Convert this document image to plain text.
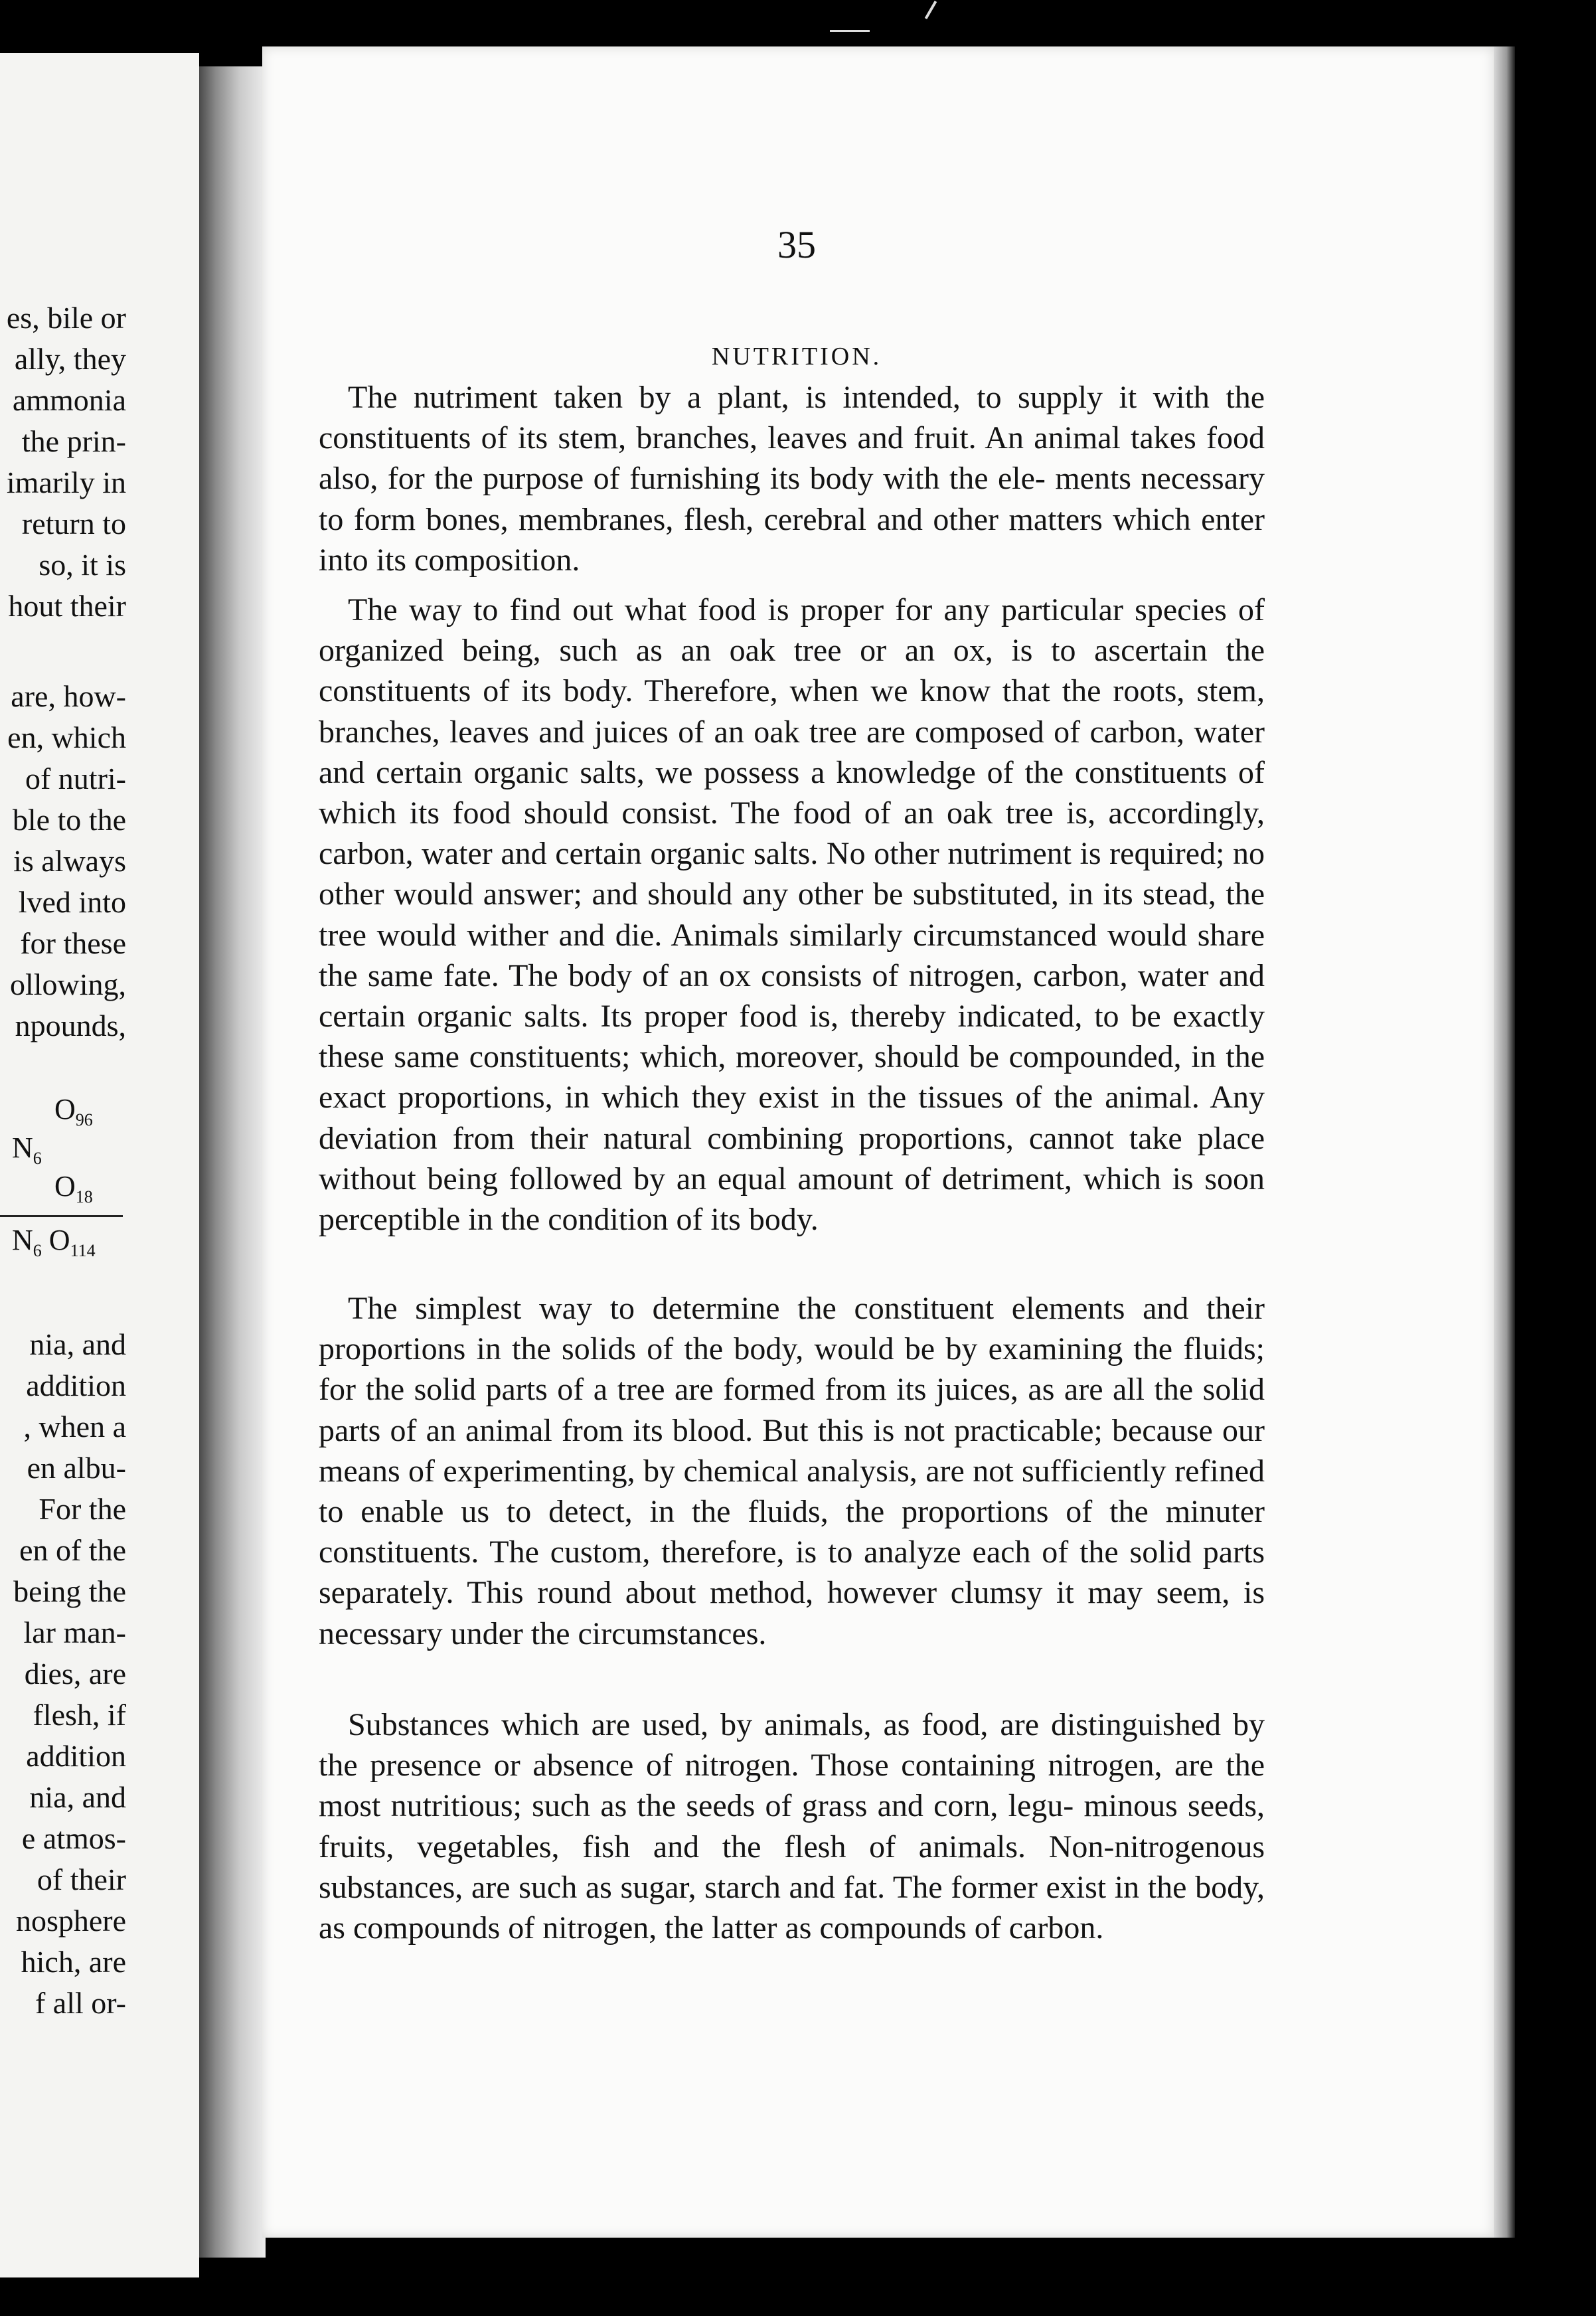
es, bile or
ally, they
ammonia
the prin-
imarily in
return to
so, it is
hout their
are, how-
en, which
of nutri-
ble to the
is always
lved into
for these
ollowing,
npounds,
$O_{96}$
$N_6$
$O_{18}$
$N_6$ $O_{114}$
nia, and
addition
, when a
en albu-
For the
en of the
being the
lar man-
dies, are
flesh, if
addition
nia, and
e atmos-
of their
nosphere
hich, are
f all or-
35
NUTRITION.

The nutriment taken by a plant, is intended, to supply it with the constituents of its stem, branches, leaves and fruit. An animal takes food also, for the purpose of furnishing its body with the ele- ments necessary to form bones, membranes, flesh, cerebral and other matters which enter into its composition.

The way to find out what food is proper for any particular species of organized being, such as an oak tree or an ox, is to ascertain the constituents of its body. Therefore, when we know that the roots, stem, branches, leaves and juices of an oak tree are composed of carbon, water and certain organic salts, we possess a knowledge of the constituents of which its food should consist. The food of an oak tree is, accordingly, carbon, water and certain organic salts. No other nutriment is required; no other would answer; and should any other be substituted, in its stead, the tree would wither and die. Animals similarly circumstanced would share the same fate. The body of an ox consists of nitrogen, carbon, water and certain organic salts. Its proper food is, thereby indicated, to be exactly these same constituents; which, moreover, should be compounded, in the exact proportions, in which they exist in the tissues of the animal. Any deviation from their natural combining proportions, cannot take place without being followed by an equal amount of detriment, which is soon perceptible in the condition of its body.

The simplest way to determine the constituent elements and their proportions in the solids of the body, would be by examining the fluids; for the solid parts of a tree are formed from its juices, as are all the solid parts of an animal from its blood. But this is not practicable; because our means of experimenting, by chemical analysis, are not sufficiently refined to enable us to detect, in the fluids, the proportions of the minuter constituents. The custom, therefore, is to analyze each of the solid parts separately. This round about method, however clumsy it may seem, is necessary under the circumstances.

Substances which are used, by animals, as food, are distinguished by the presence or absence of nitrogen. Those containing nitrogen, are the most nutritious; such as the seeds of grass and corn, legu- minous seeds, fruits, vegetables, fish and the flesh of animals. Non-nitrogenous substances, are such as sugar, starch and fat. The former exist in the body, as compounds of nitrogen, the latter as compounds of carbon.
